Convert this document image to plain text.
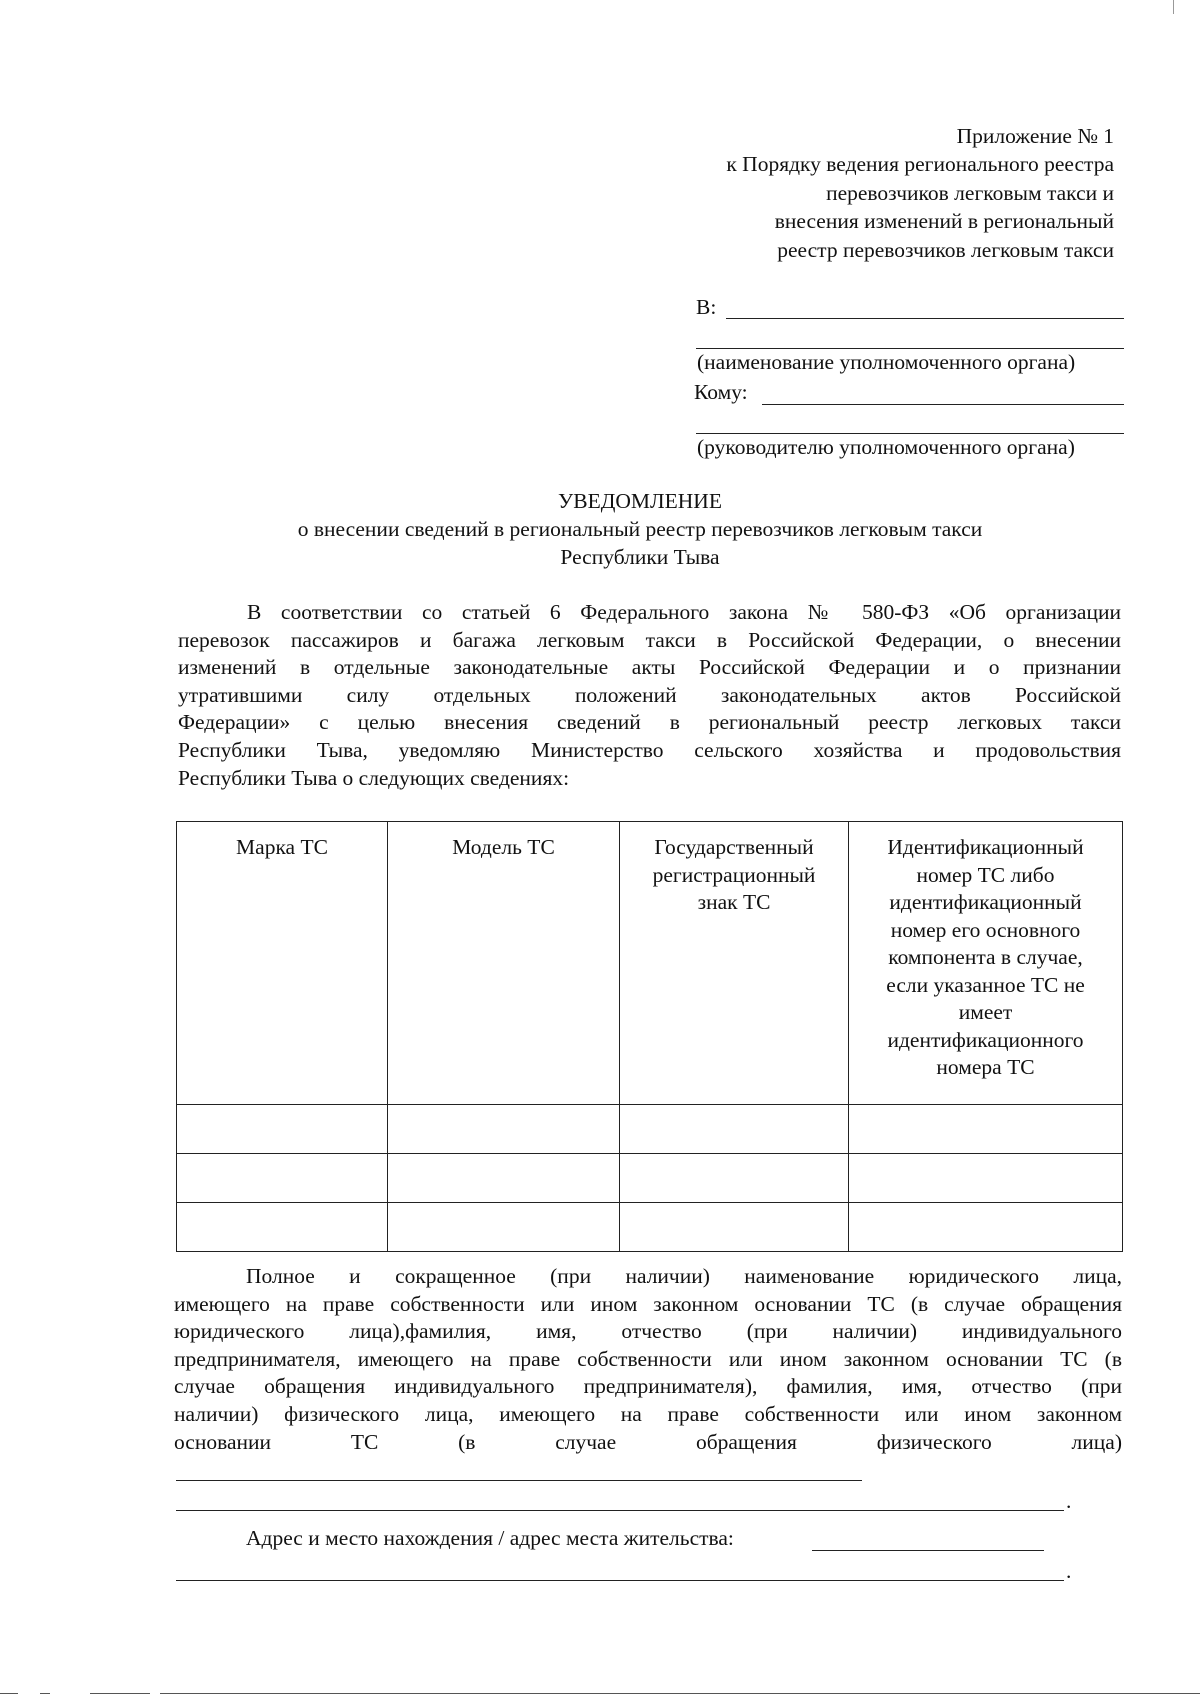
Приложение № 1
к Порядку ведения регионального реестра
перевозчиков легковым такси и
внесения изменений в региональный
реестр перевозчиков легковым такси
В:
(наименование уполномоченного органа)
Кому:
(руководителю уполномоченного органа)
УВЕДОМЛЕНИЕ
о внесении сведений в региональный реестр перевозчиков легковым такси
Республики Тыва
В соответствии со статьей 6 Федерального закона № 580-ФЗ «Об организации
перевозок пассажиров и багажа легковым такси в Российской Федерации, о внесении
изменений в отдельные законодательные акты Российской Федерации и о признании
утратившими силу отдельных положений законодательных актов Российской
Федерации» с целью внесения сведений в региональный реестр легковых такси
Республики Тыва, уведомляю Министерство сельского хозяйства и продовольствия
Республики Тыва о следующих сведениях:
Марка ТС	Модель ТС	Государственный регистрационный знак ТС	Идентификационный номер ТС либо идентификационный номер его основного компонента в случае, если указанное ТС не имеет идентификационного номера ТС

Полное и сокращенное (при наличии) наименование юридического лица,
имеющего на праве собственности или ином законном основании ТС (в случае обращения
юридического лица),фамилия, имя, отчество (при наличии) индивидуального
предпринимателя, имеющего на праве собственности или ином законном основании ТС (в
случае обращения индивидуального предпринимателя), фамилия, имя, отчество (при
наличии) физического лица, имеющего на праве собственности или ином законном
основании ТС (в случае обращения физического лица)
.
Адрес и место нахождения / адрес места жительства:
.
